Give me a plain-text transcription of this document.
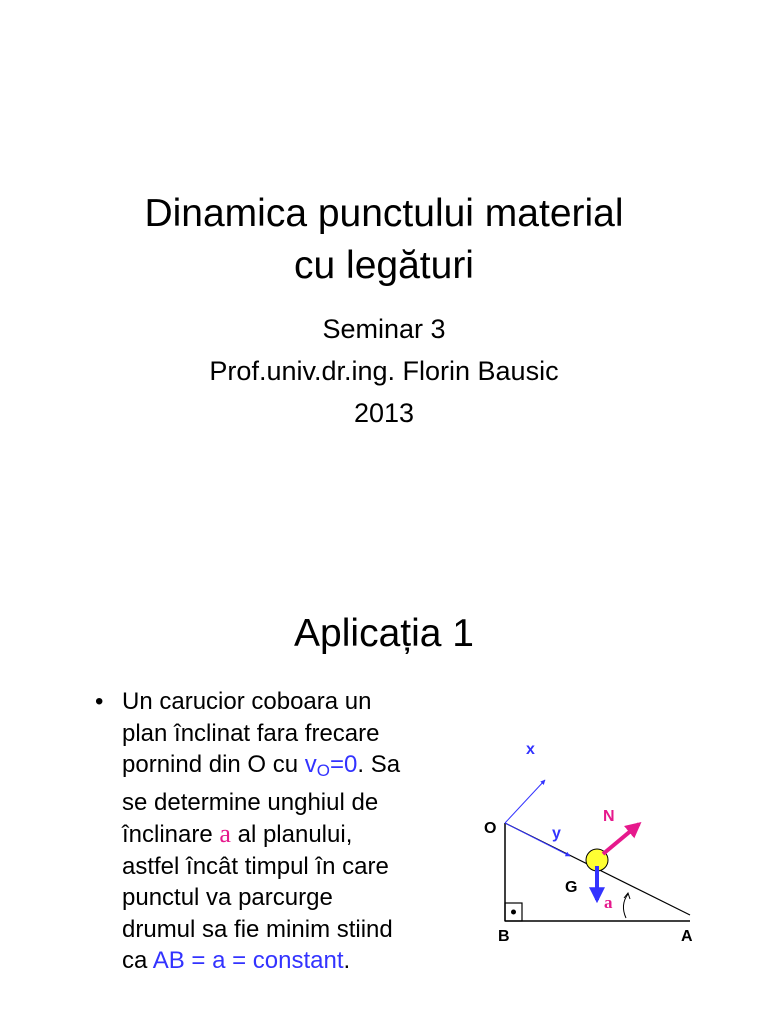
Dinamica punctului material
cu legături
Seminar 3
Prof.univ.dr.ing. Florin Bausic
2013
Aplicația 1
• Un carucior coboara un
plan înclinat fara frecare
pornind din O cu $v_O=0$. Sa
se determine unghiul de
înclinare a al planului,
astfel încât timpul în care
punctul va parcurge
drumul sa fie minim stiind
ca AB = a = constant.
x
y
O
N
G
a
B	A
